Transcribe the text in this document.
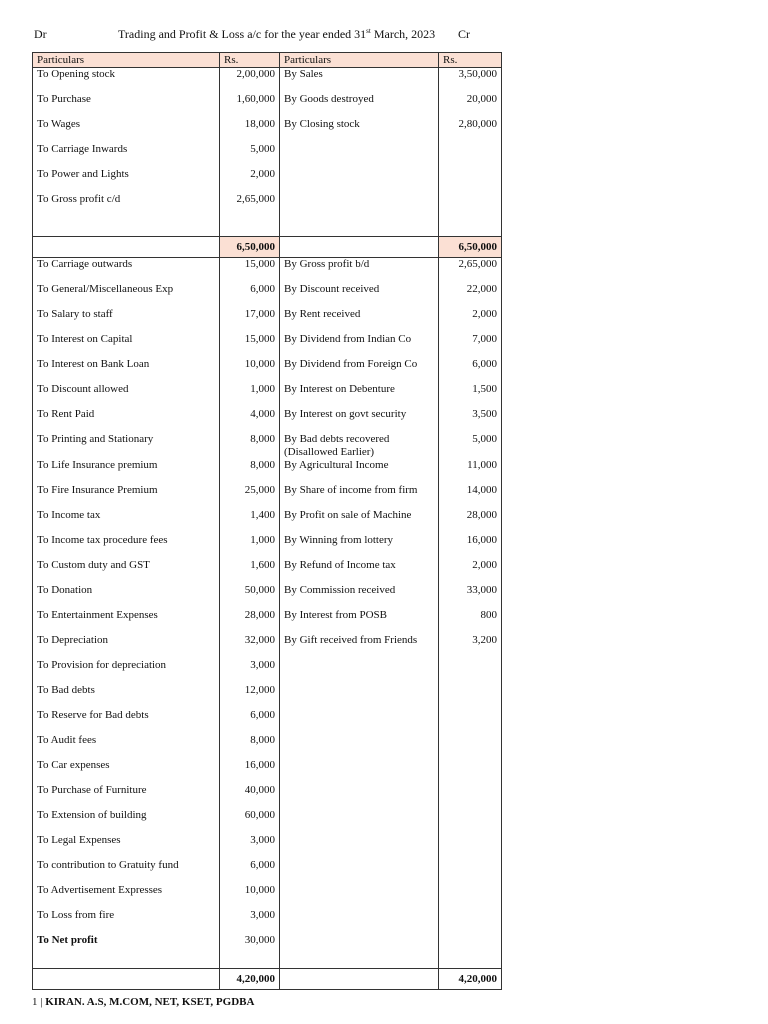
Dr	Trading and Profit & Loss a/c for the year ended 31st March, 2023 Cr
Particulars	Rs.	Particulars	Rs.
To Opening stock	2,00,000	By Sales	3,50,000
To Purchase	1,60,000	By Goods destroyed	20,000
To Wages	18,000	By Closing stock	2,80,000
To Carriage Inwards	5,000		
To Power and Lights	2,000		
To Gross profit c/d	2,65,000		

	6,50,000		6,50,000
To Carriage outwards	15,000	By Gross profit b/d	2,65,000
To General/Miscellaneous Exp	6,000	By Discount received	22,000
To Salary to staff	17,000	By Rent received	2,000
To Interest on Capital	15,000	By Dividend from Indian Co	7,000
To Interest on Bank Loan	10,000	By Dividend from Foreign Co	6,000
To Discount allowed	1,000	By Interest on Debenture	1,500
To Rent Paid	4,000	By Interest on govt security	3,500
To Printing and Stationary	8,000	By Bad debts recovered (Disallowed Earlier)	5,000
To Life Insurance premium	8,000	By Agricultural Income	11,000
To Fire Insurance Premium	25,000	By Share of income from firm	14,000
To Income tax	1,400	By Profit on sale of Machine	28,000
To Income tax procedure fees	1,000	By Winning from lottery	16,000
To Custom duty and GST	1,600	By Refund of Income tax	2,000
To Donation	50,000	By Commission received	33,000
To Entertainment Expenses	28,000	By Interest from POSB	800
To Depreciation	32,000	By Gift received from Friends	3,200
To Provision for depreciation	3,000		
To Bad debts	12,000		
To Reserve for Bad debts	6,000		
To Audit fees	8,000		
To Car expenses	16,000		
To Purchase of Furniture	40,000		
To Extension of building	60,000		
To Legal Expenses	3,000		
To contribution to Gratuity fund	6,000		
To Advertisement Expresses	10,000		
To Loss from fire	3,000		
To Net profit	30,000		

	4,20,000		4,20,000
1 | KIRAN. A.S, M.COM, NET, KSET, PGDBA
